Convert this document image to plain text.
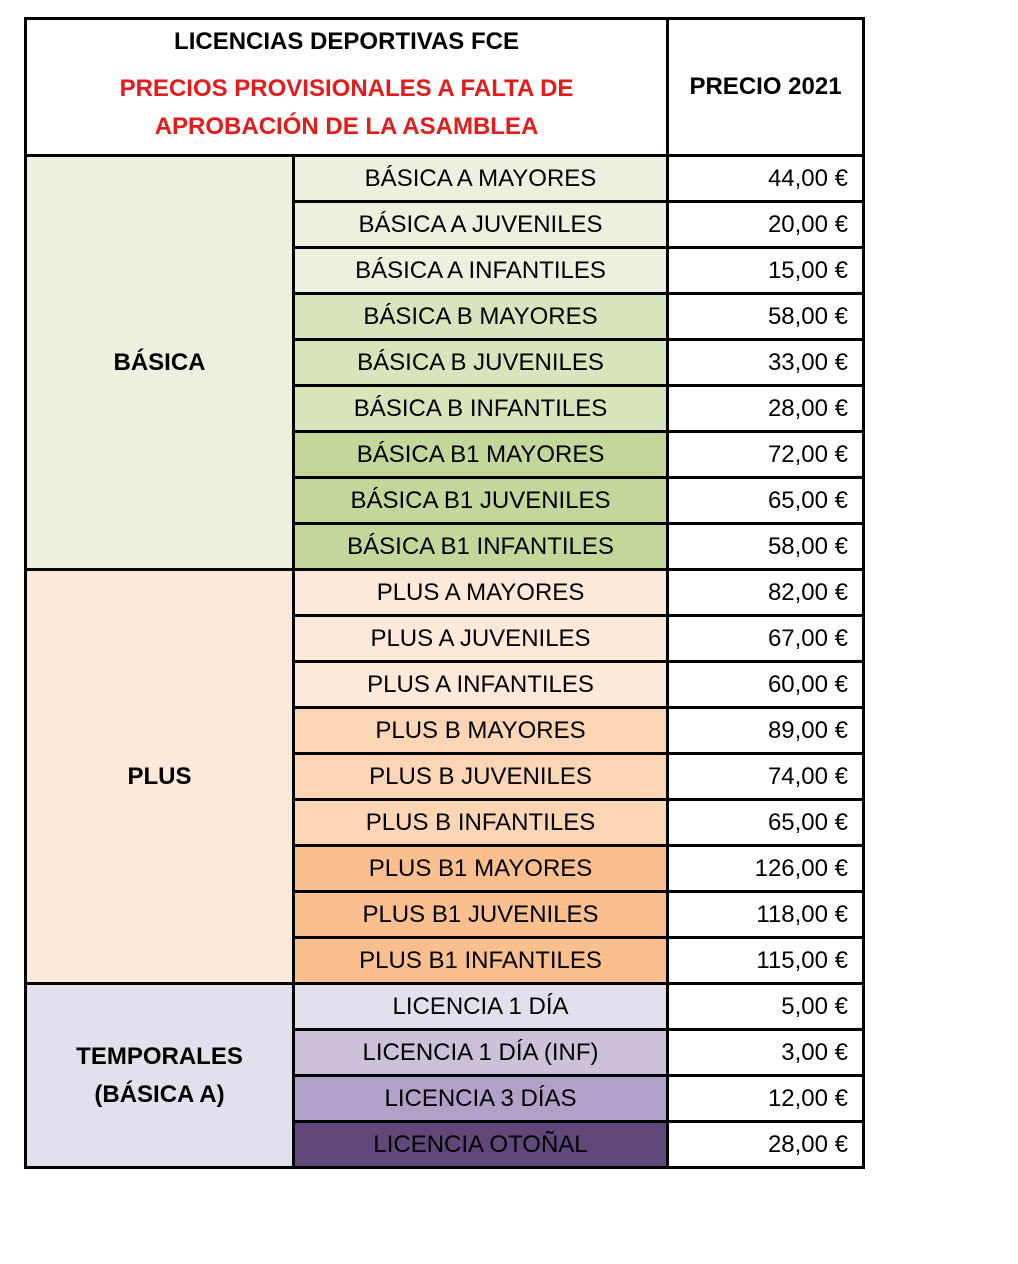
LICENCIAS DEPORTIVAS FCE
PRECIOS PROVISIONALES A FALTA DE
APROBACIÓN DE LA ASAMBLEA		PRECIO 2021

BÁSICA	BÁSICA A MAYORES	44,00 €
	BÁSICA A JUVENILES	20,00 €
	BÁSICA A INFANTILES	15,00 €
	BÁSICA B MAYORES	58,00 €
	BÁSICA B JUVENILES	33,00 €
	BÁSICA B INFANTILES	28,00 €
	BÁSICA B1 MAYORES	72,00 €
	BÁSICA B1 JUVENILES	65,00 €
	BÁSICA B1 INFANTILES	58,00 €

PLUS	PLUS A MAYORES	82,00 €
	PLUS A JUVENILES	67,00 €
	PLUS A INFANTILES	60,00 €
	PLUS B MAYORES	89,00 €
	PLUS B JUVENILES	74,00 €
	PLUS B INFANTILES	65,00 €
	PLUS B1 MAYORES	126,00 €
	PLUS B1 JUVENILES	118,00 €
	PLUS B1 INFANTILES	115,00 €

TEMPORALES
(BÁSICA A)	LICENCIA 1 DÍA	5,00 €
	LICENCIA 1 DÍA (INF)	3,00 €
	LICENCIA 3 DÍAS	12,00 €
	LICENCIA OTOÑAL	28,00 €
